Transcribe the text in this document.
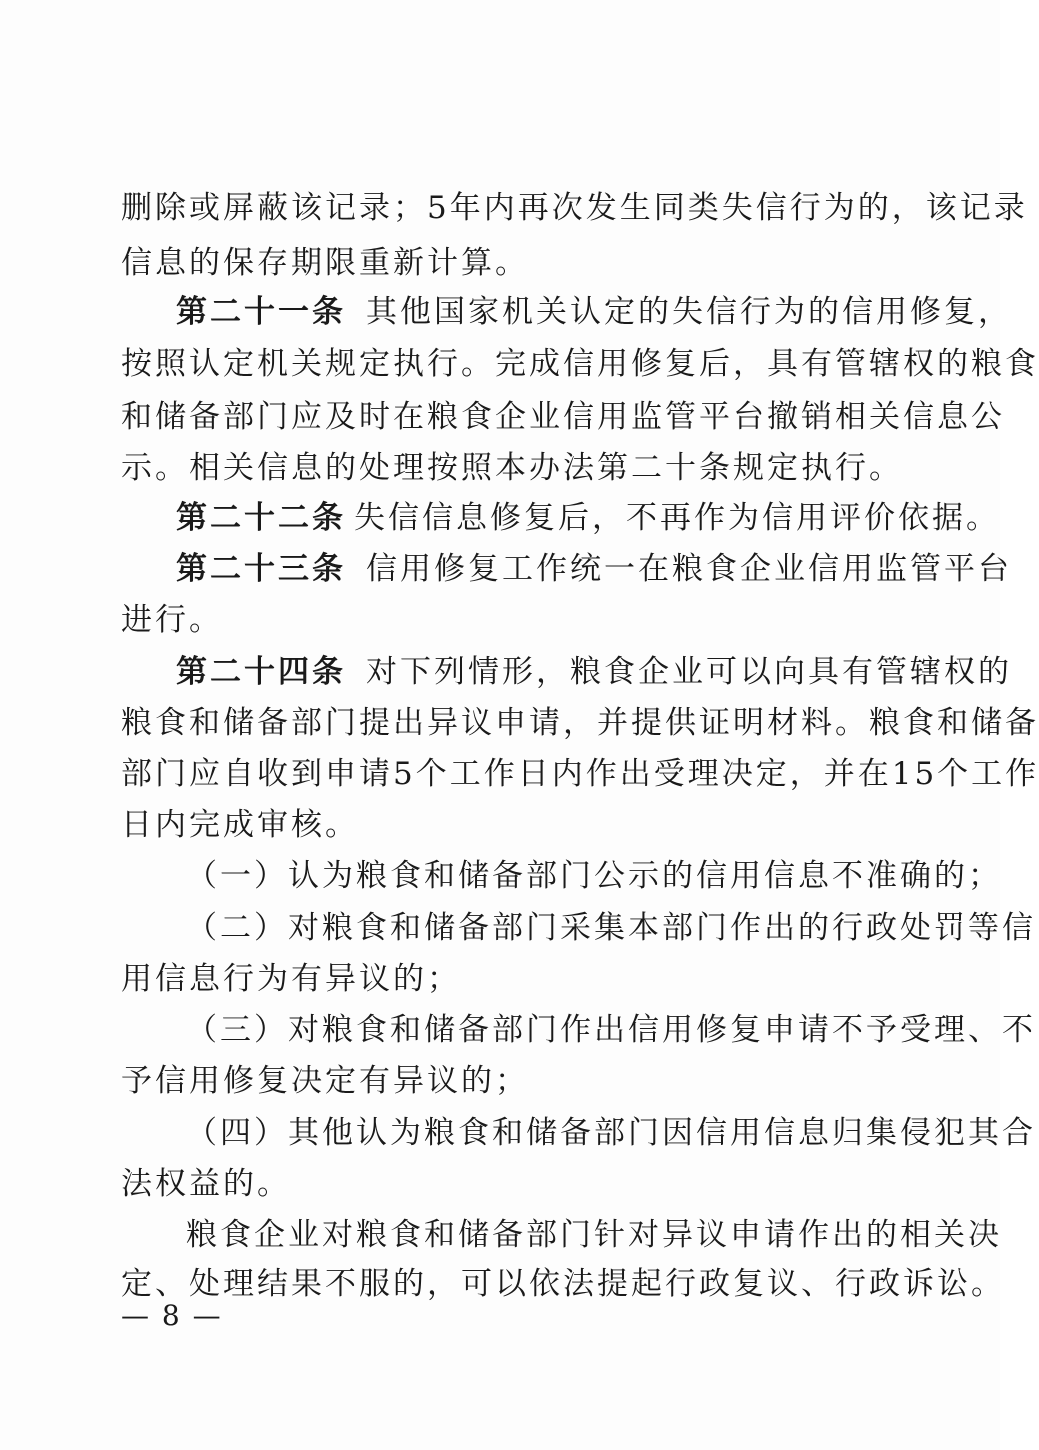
删除或屏蔽该记录；5年内再次发生同类失信行为的，该记录
信息的保存期限重新计算。
第二十一条 其他国家机关认定的失信行为的信用修复，
按照认定机关规定执行。完成信用修复后，具有管辖权的粮食
和储备部门应及时在粮食企业信用监管平台撤销相关信息公
示。相关信息的处理按照本办法第二十条规定执行。
第二十二条 失信信息修复后，不再作为信用评价依据。
第二十三条 信用修复工作统一在粮食企业信用监管平台
进行。
第二十四条 对下列情形，粮食企业可以向具有管辖权的
粮食和储备部门提出异议申请，并提供证明材料。粮食和储备
部门应自收到申请5个工作日内作出受理决定，并在15个工作
日内完成审核。
（一）认为粮食和储备部门公示的信用信息不准确的；
（二）对粮食和储备部门采集本部门作出的行政处罚等信
用信息行为有异议的；
（三）对粮食和储备部门作出信用修复申请不予受理、不
予信用修复决定有异议的；
（四）其他认为粮食和储备部门因信用信息归集侵犯其合
法权益的。
粮食企业对粮食和储备部门针对异议申请作出的相关决
定、处理结果不服的，可以依法提起行政复议、行政诉讼。
— 8 —
